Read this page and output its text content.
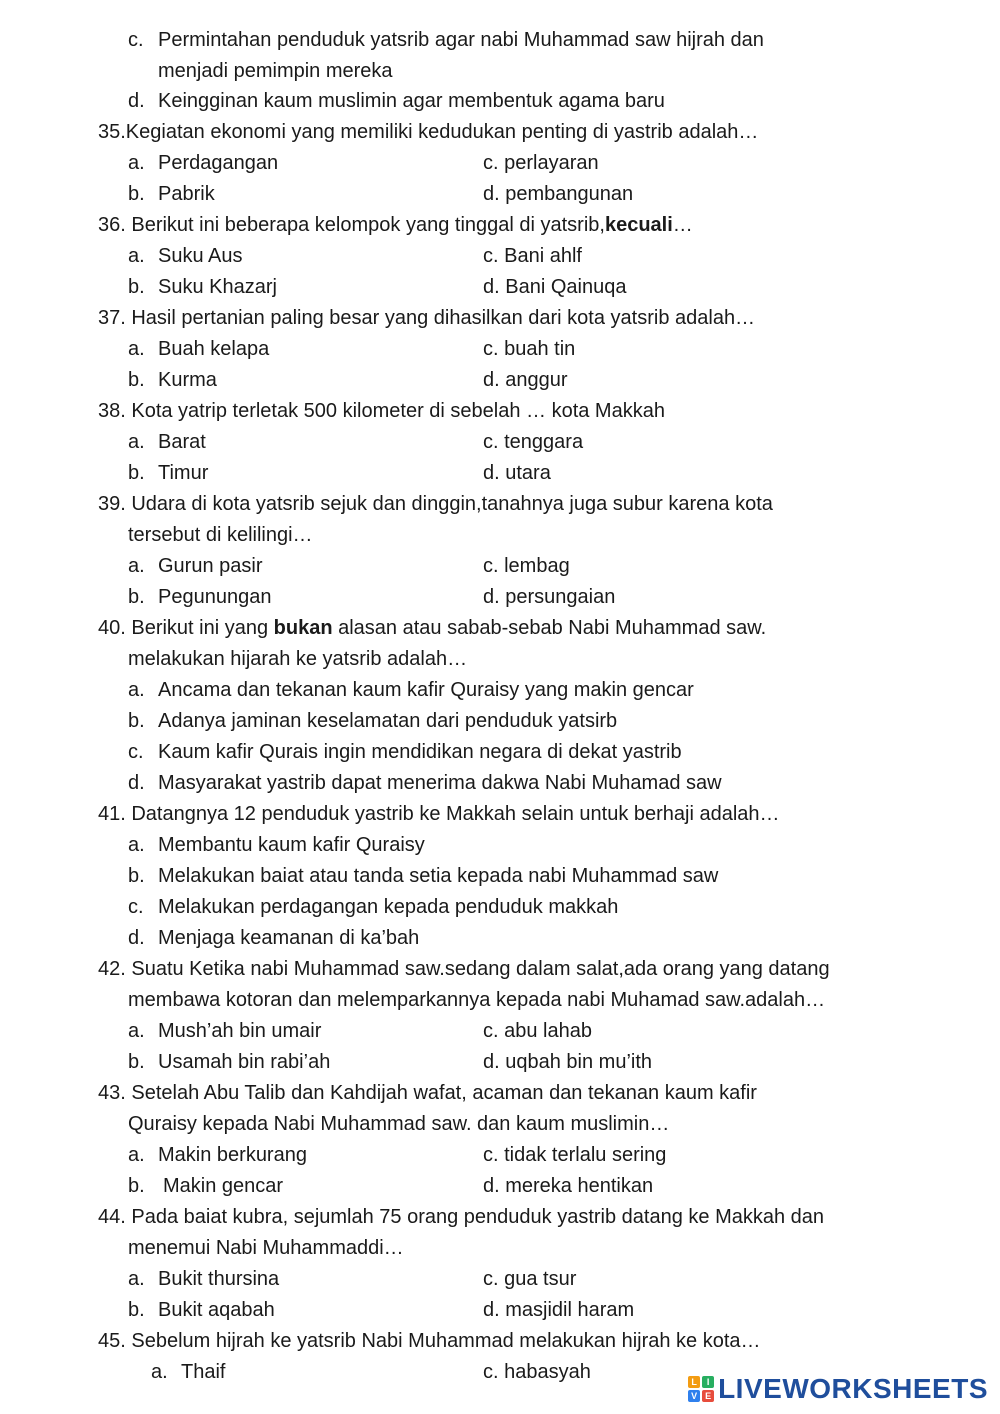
c. Permintahan penduduk yatsrib agar nabi Muhammad saw hijrah dan
menjadi pemimpin mereka
d. Keingginan kaum muslimin agar membentuk agama baru
35.Kegiatan ekonomi yang memiliki kedudukan penting di yastrib adalah…
a. Perdagangan	c. perlayaran
b. Pabrik	d. pembangunan
36. Berikut ini beberapa kelompok yang tinggal di yatsrib,kecuali…
a. Suku Aus	c. Bani ahlf
b. Suku Khazarj	d. Bani Qainuqa
37. Hasil pertanian paling besar yang dihasilkan dari kota yatsrib adalah…
a. Buah kelapa	c. buah tin
b. Kurma	d. anggur
38. Kota yatrip terletak 500 kilometer di sebelah … kota Makkah
a. Barat	c. tenggara
b. Timur	d. utara
39. Udara di kota yatsrib sejuk dan dinggin,tanahnya juga subur karena kota
tersebut di kelilingi…
a. Gurun pasir	c. lembag
b. Pegunungan	d. persungaian
40. Berikut ini yang bukan alasan atau sabab-sebab Nabi Muhammad saw.
melakukan hijarah ke yatsrib adalah…
a. Ancama dan tekanan kaum kafir Quraisy yang makin gencar
b. Adanya jaminan keselamatan dari penduduk yatsirb
c. Kaum kafir Qurais ingin mendidikan negara di dekat yastrib
d. Masyarakat yastrib dapat menerima dakwa Nabi Muhamad saw
41. Datangnya 12 penduduk yastrib ke Makkah selain untuk berhaji adalah…
a. Membantu kaum kafir Quraisy
b. Melakukan baiat atau tanda setia kepada nabi Muhammad saw
c. Melakukan perdagangan kepada penduduk makkah
d. Menjaga keamanan di ka’bah
42. Suatu Ketika nabi Muhammad saw.sedang dalam salat,ada orang yang datang
membawa kotoran dan melemparkannya kepada nabi Muhamad saw.adalah…
a. Mush’ah bin umair	c. abu lahab
b. Usamah bin rabi’ah	d. uqbah bin mu’ith
43. Setelah Abu Talib dan Kahdijah wafat, acaman dan tekanan kaum kafir
Quraisy kepada Nabi Muhammad saw. dan kaum muslimin…
a. Makin berkurang	c. tidak terlalu sering
b. Makin gencar	d. mereka hentikan
44. Pada baiat kubra, sejumlah 75 orang penduduk yastrib datang ke Makkah dan
menemui Nabi Muhammaddi…
a. Bukit thursina	c. gua tsur
b. Bukit aqabah	d. masjidil haram
45. Sebelum hijrah ke yatsrib Nabi Muhammad melakukan hijrah ke kota…
a. Thaif	c. habasyah	L	I
V E LIVEWORKSHEETS
